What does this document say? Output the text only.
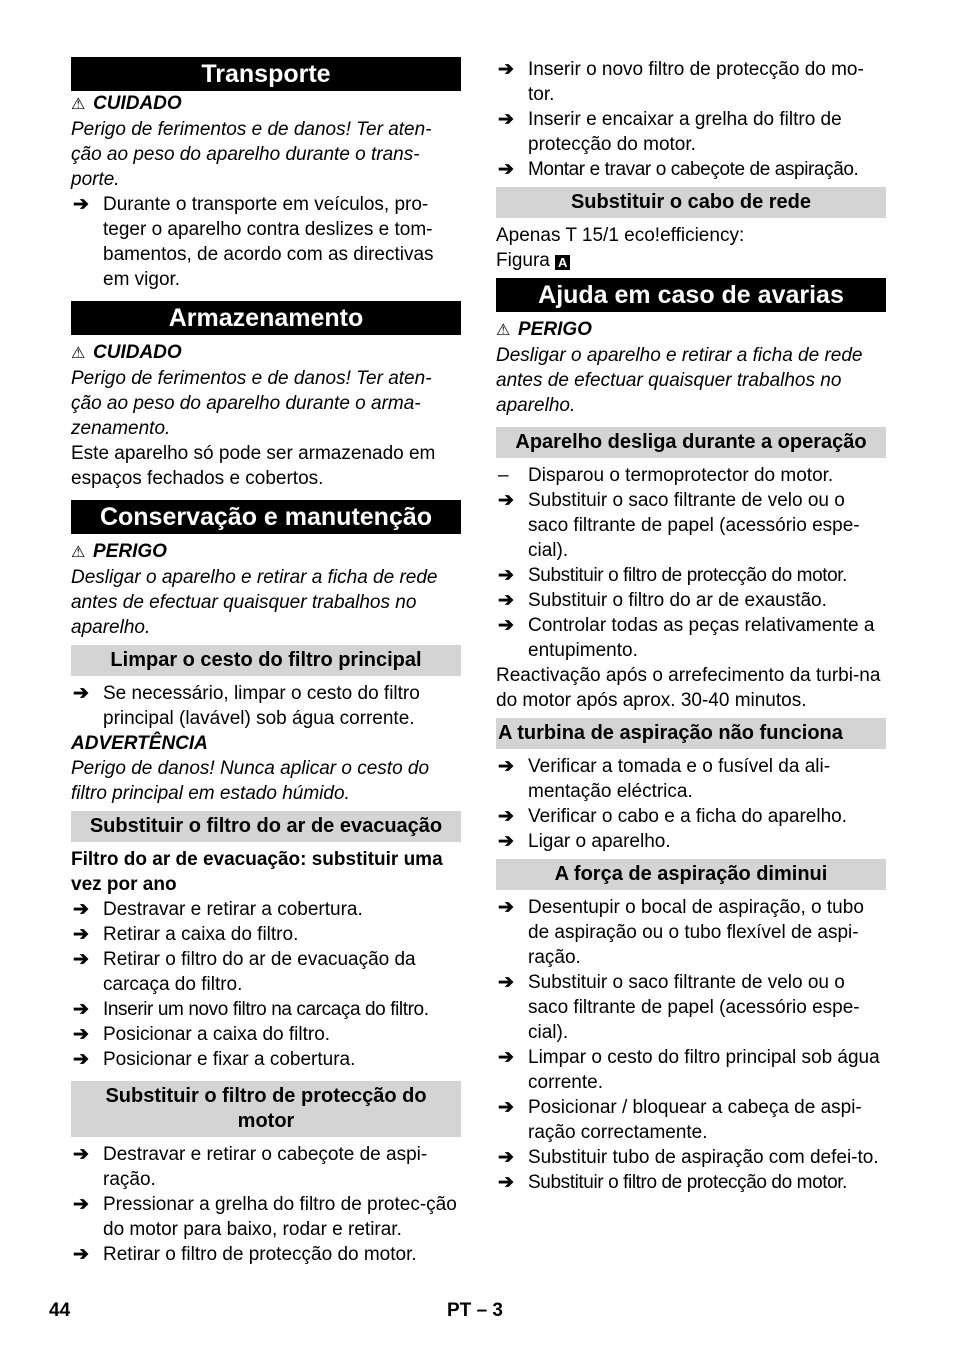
Transporte
⚠ CUIDADO
Perigo de ferimentos e de danos! Ter aten-ção ao peso do aparelho durante o trans-porte.
➔ Durante o transporte em veículos, pro-teger o aparelho contra deslizes e tom-bamentos, de acordo com as directivas em vigor.
Armazenamento
⚠ CUIDADO
Perigo de ferimentos e de danos! Ter aten-ção ao peso do aparelho durante o arma-zenamento.
Este aparelho só pode ser armazenado em espaços fechados e cobertos.
Conservação e manutenção
⚠ PERIGO
Desligar o aparelho e retirar a ficha de rede antes de efectuar quaisquer trabalhos no aparelho.
Limpar o cesto do filtro principal
➔ Se necessário, limpar o cesto do filtro principal (lavável) sob água corrente.
ADVERTÊNCIA
Perigo de danos! Nunca aplicar o cesto do filtro principal em estado húmido.
Substituir o filtro do ar de evacuação
Filtro do ar de evacuação: substituir uma vez por ano
➔ Destravar e retirar a cobertura.
➔ Retirar a caixa do filtro.
➔ Retirar o filtro do ar de evacuação da carcaça do filtro.
➔ Inserir um novo filtro na carcaça do filtro.
➔ Posicionar a caixa do filtro.
➔ Posicionar e fixar a cobertura.
Substituir o filtro de protecção do motor
➔ Destravar e retirar o cabeçote de aspi-ração.
➔ Pressionar a grelha do filtro de protec-ção do motor para baixo, rodar e retirar.
➔ Retirar o filtro de protecção do motor.
➔ Inserir o novo filtro de protecção do mo-tor.
➔ Inserir e encaixar a grelha do filtro de protecção do motor.
➔ Montar e travar o cabeçote de aspiração.
Substituir o cabo de rede
Apenas T 15/1 eco!efficiency:
Figura A
Ajuda em caso de avarias
⚠ PERIGO
Desligar o aparelho e retirar a ficha de rede antes de efectuar quaisquer trabalhos no aparelho.
Aparelho desliga durante a operação
– Disparou o termoprotector do motor.
➔ Substituir o saco filtrante de velo ou o saco filtrante de papel (acessório espe-cial).
➔ Substituir o filtro de protecção do motor.
➔ Substituir o filtro do ar de exaustão.
➔ Controlar todas as peças relativamente a entupimento.
Reactivação após o arrefecimento da turbi-na do motor após aprox. 30-40 minutos.
A turbina de aspiração não funciona
➔ Verificar a tomada e o fusível da ali-mentação eléctrica.
➔ Verificar o cabo e a ficha do aparelho.
➔ Ligar o aparelho.
A força de aspiração diminui
➔ Desentupir o bocal de aspiração, o tubo de aspiração ou o tubo flexível de aspi-ração.
➔ Substituir o saco filtrante de velo ou o saco filtrante de papel (acessório espe-cial).
➔ Limpar o cesto do filtro principal sob água corrente.
➔ Posicionar / bloquear a cabeça de aspi-ração correctamente.
➔ Substituir tubo de aspiração com defei-to.
➔ Substituir o filtro de protecção do motor.
44	PT – 3
